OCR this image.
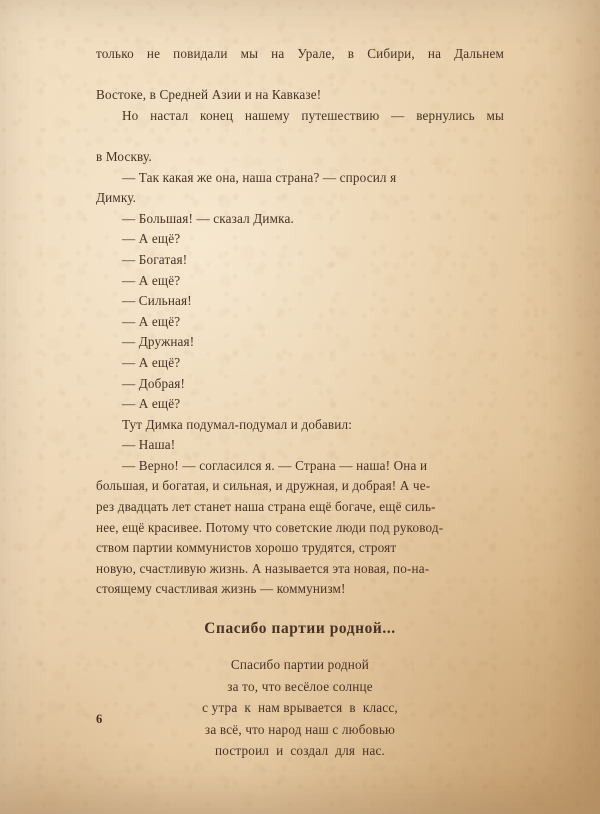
только не повидали мы на Урале, в Сибири, на Дальнем
Востоке, в Средней Азии и на Кавказе!
Но настал конец нашему путешествию — вернулись мы
в Москву.
— Так какая же она, наша страна? — спросил я
Димку.
— Большая! — сказал Димка.
— А ещё?
— Богатая!
— А ещё?
— Сильная!
— А ещё?
— Дружная!
— А ещё?
— Добрая!
— А ещё?
Тут Димка подумал-подумал и добавил:
— Наша!
— Верно! — согласился я. — Страна — наша! Она и
большая, и богатая, и сильная, и дружная, и добрая! А че-
рез двадцать лет станет наша страна ещё богаче, ещё силь-
нее, ещё красивее. Потому что советские люди под руковод-
ством партии коммунистов хорошо трудятся, строят
новую, счастливую жизнь. А называется эта новая, по-на-
стоящему счастливая жизнь — коммунизм!
Спасибо партии родной...
Спасибо партии родной
за то, что весёлое солнце
с утра  к  нам врывается  в  класс,
за всё, что народ наш с любовью
построил  и  создал  для  нас.
6
